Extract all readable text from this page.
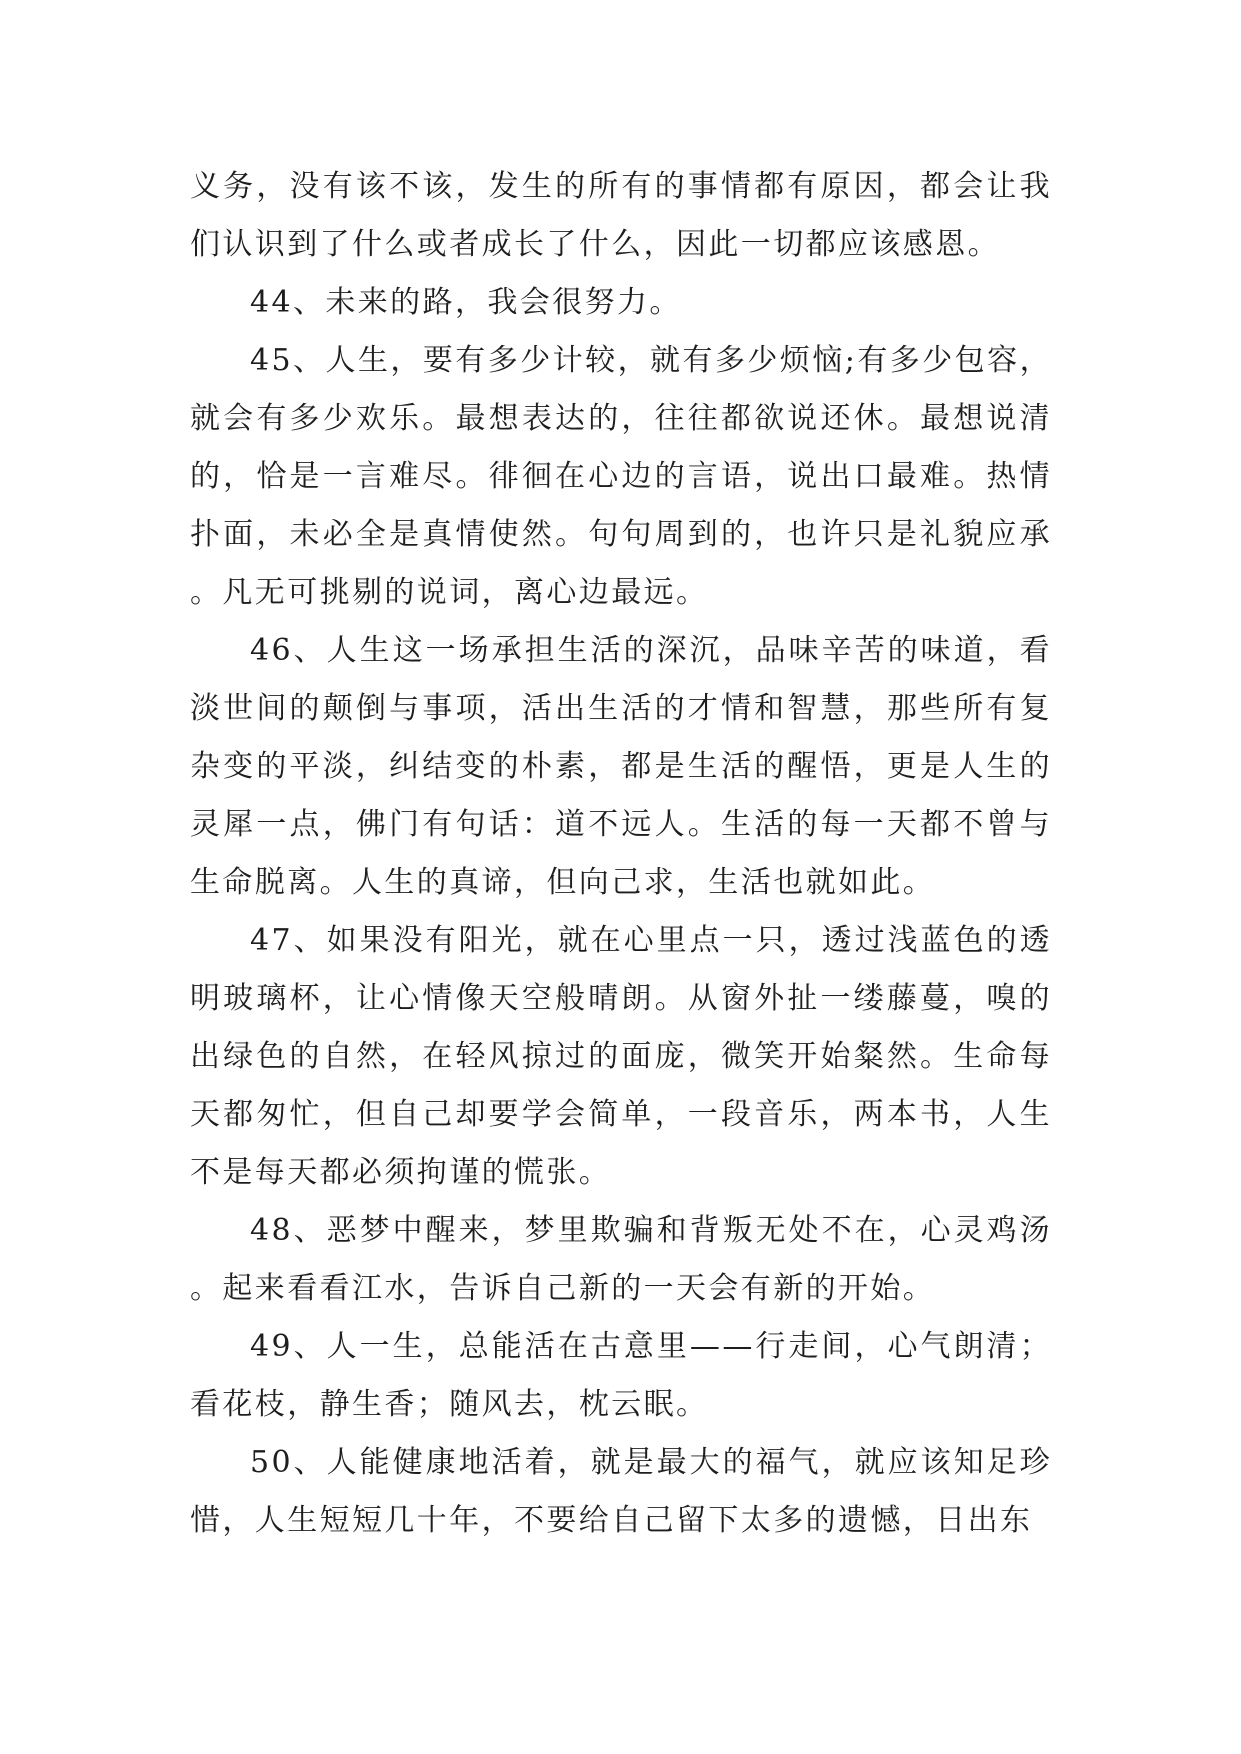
义务，没有该不该，发生的所有的事情都有原因，都会让我们认识到了什么或者成长了什么，因此一切都应该感恩。

44、未来的路，我会很努力。

45、人生，要有多少计较，就有多少烦恼;有多少包容，就会有多少欢乐。最想表达的，往往都欲说还休。最想说清的，恰是一言难尽。徘徊在心边的言语，说出口最难。热情扑面，未必全是真情使然。句句周到的，也许只是礼貌应承。凡无可挑剔的说词，离心边最远。

46、人生这一场承担生活的深沉，品味辛苦的味道，看淡世间的颠倒与事项，活出生活的才情和智慧，那些所有复杂变的平淡，纠结变的朴素，都是生活的醒悟，更是人生的灵犀一点，佛门有句话：道不远人。生活的每一天都不曾与生命脱离。人生的真谛，但向己求，生活也就如此。

47、如果没有阳光，就在心里点一只，透过浅蓝色的透明玻璃杯，让心情像天空般晴朗。从窗外扯一缕藤蔓，嗅的出绿色的自然，在轻风掠过的面庞，微笑开始粲然。生命每天都匆忙，但自己却要学会简单，一段音乐，两本书，人生不是每天都必须拘谨的慌张。

48、恶梦中醒来，梦里欺骗和背叛无处不在，心灵鸡汤。起来看看江水，告诉自己新的一天会有新的开始。

49、人一生，总能活在古意里——行走间，心气朗清；看花枝，静生香；随风去，枕云眠。

50、人能健康地活着，就是最大的福气，就应该知足珍惜，人生短短几十年，不要给自己留下太多的遗憾，日出东
